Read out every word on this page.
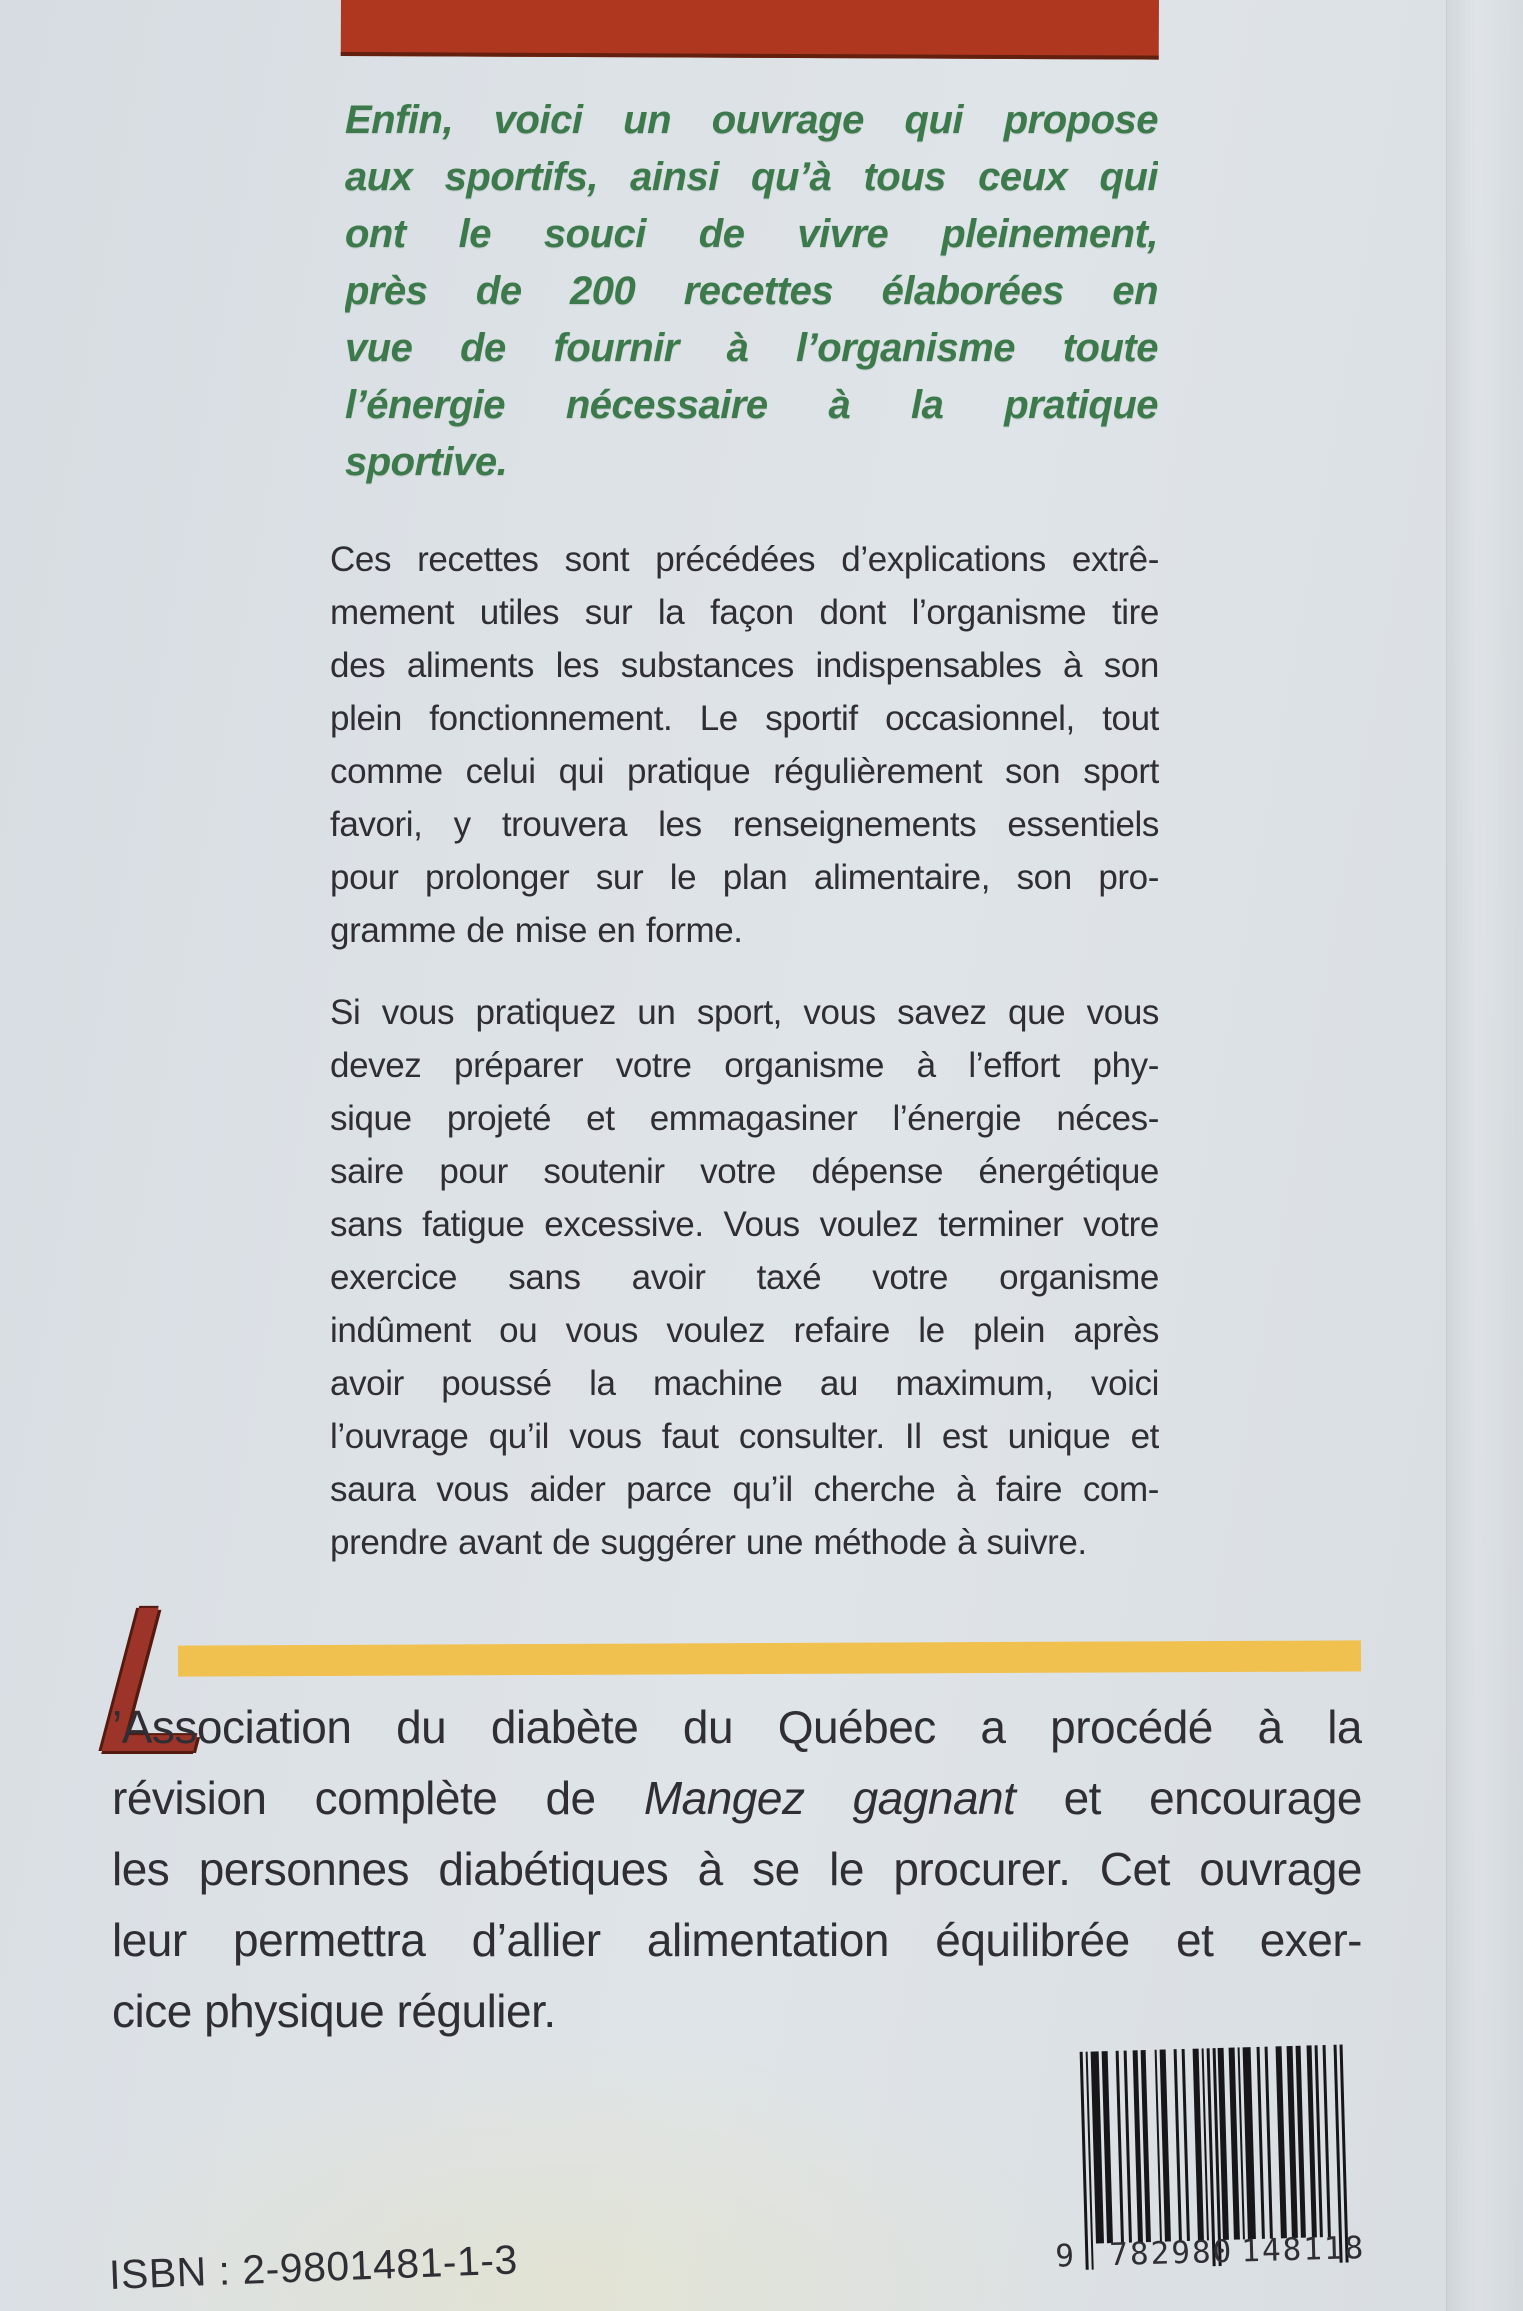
Enfin, voici un ouvrage qui propose
aux sportifs, ainsi qu’à tous ceux qui
ont le souci de vivre pleinement,
près de 200 recettes élaborées en
vue de fournir à l’organisme toute
l’énergie nécessaire à la pratique
sportive.
Ces recettes sont précédées d’explications extrê-
mement utiles sur la façon dont l’organisme tire
des aliments les substances indispensables à son
plein fonctionnement. Le sportif occasionnel, tout
comme celui qui pratique régulièrement son sport
favori, y trouvera les renseignements essentiels
pour prolonger sur le plan alimentaire, son pro-
gramme de mise en forme.
Si vous pratiquez un sport, vous savez que vous
devez préparer votre organisme à l’effort phy-
sique projeté et emmagasiner l’énergie néces-
saire pour soutenir votre dépense énergétique
sans fatigue excessive. Vous voulez terminer votre
exercice sans avoir taxé votre organisme
indûment ou vous voulez refaire le plein après
avoir poussé la machine au maximum, voici
l’ouvrage qu’il vous faut consulter. Il est unique et
saura vous aider parce qu’il cherche à faire com-
prendre avant de suggérer une méthode à suivre.
L
’Association du diabète du Québec a procédé à la
révision complète de Mangez gagnant et encourage
les personnes diabétiques à se le procurer. Cet ouvrage
leur permettra d’allier alimentation équilibrée et exer-
cice physique régulier.
9 782980 148118
ISBN : 2-9801481-1-3
